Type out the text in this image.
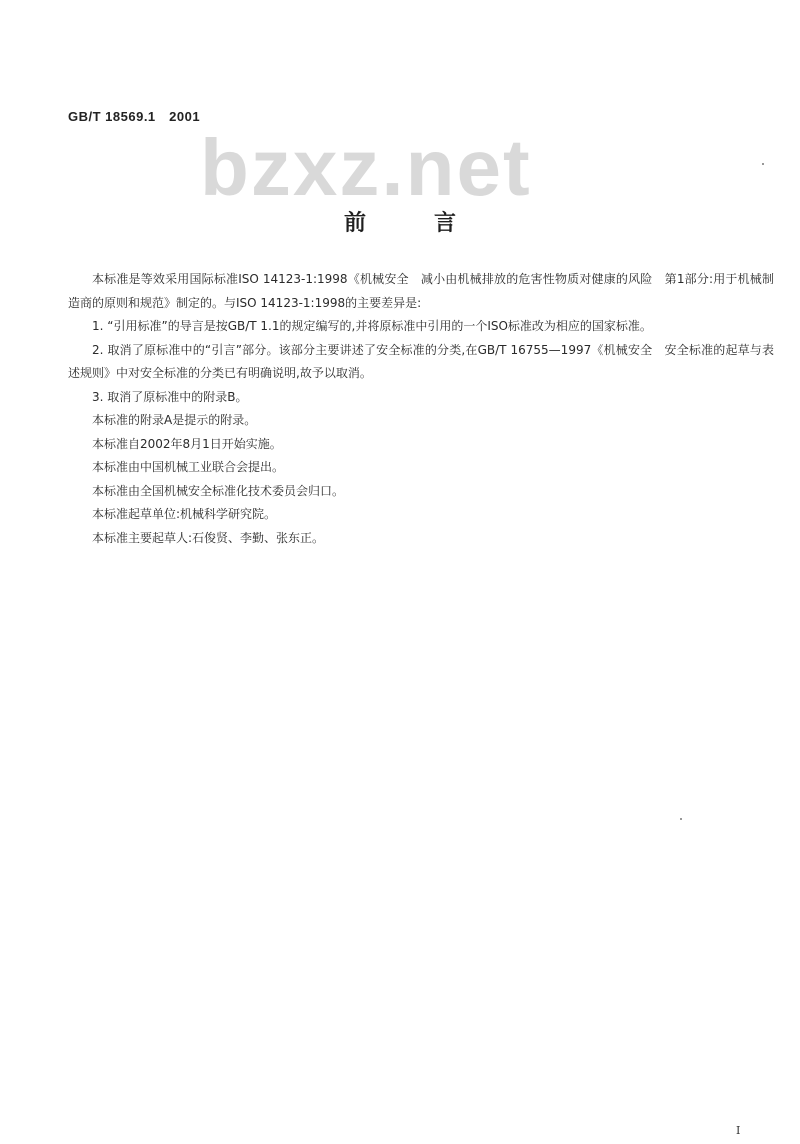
GB/T 18569.1　2001
bzxz.net
前言

本标准是等效采用国际标准ISO 14123-1:1998《机械安全　减小由机械排放的危害性物质对健康的风险　第1部分:用于机械制造商的原则和规范》制定的。与ISO 14123-1:1998的主要差异是:

1. “引用标准”的导言是按GB/T 1.1的规定编写的,并将原标准中引用的一个ISO标准改为相应的国家标准。

2. 取消了原标准中的“引言”部分。该部分主要讲述了安全标准的分类,在GB/T 16755—1997《机械安全　安全标准的起草与表述规则》中对安全标准的分类已有明确说明,故予以取消。

3. 取消了原标准中的附录B。

本标准的附录A是提示的附录。

本标准自2002年8月1日开始实施。

本标准由中国机械工业联合会提出。

本标准由全国机械安全标准化技术委员会归口。

本标准起草单位:机械科学研究院。

本标准主要起草人:石俊贤、李勤、张东正。

I
